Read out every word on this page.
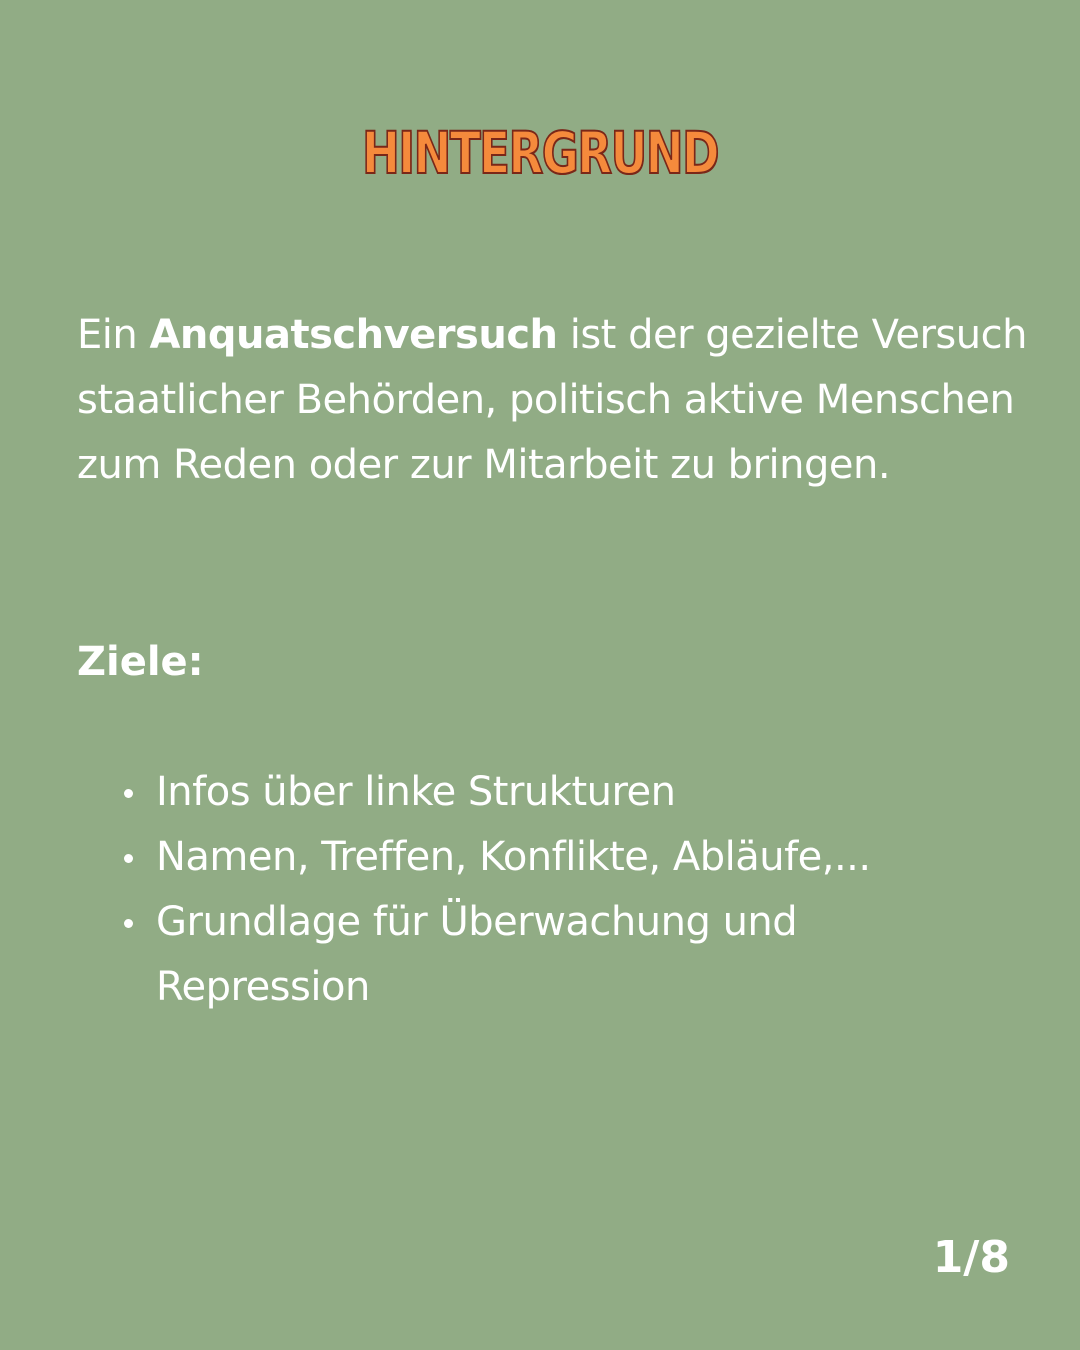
HINTERGRUND

Ein Anquatschversuch ist der gezielte Versuch staatlicher Behörden, politisch aktive Menschen zum Reden oder zur Mitarbeit zu bringen.

Ziele:
Infos über linke Strukturen
Namen, Treffen, Konflikte, Abläufe,...
Grundlage für Überwachung und Repression
1/8
